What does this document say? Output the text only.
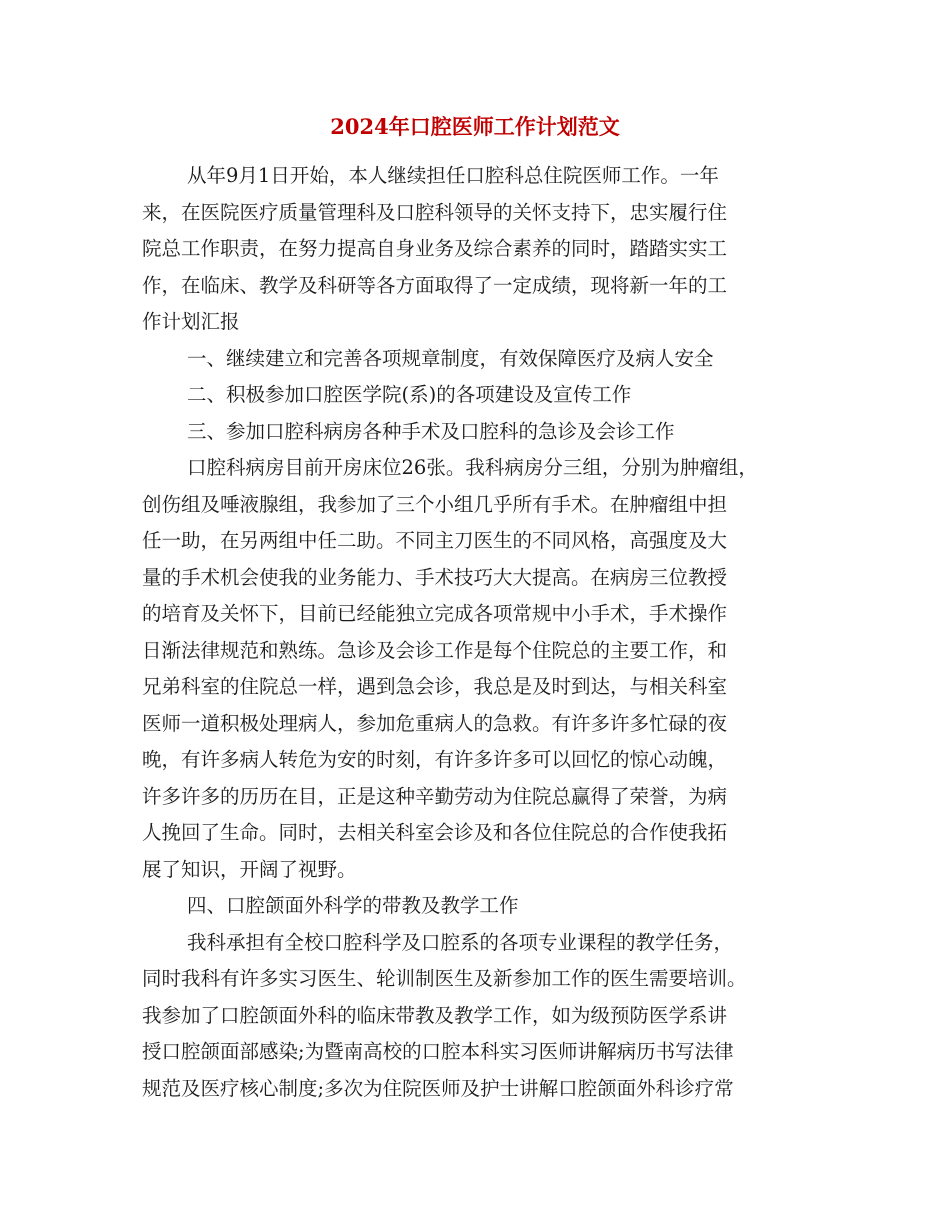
2024年口腔医师工作计划范文
从年9月1日开始，本人继续担任口腔科总住院医师工作。一年
来，在医院医疗质量管理科及口腔科领导的关怀支持下，忠实履行住
院总工作职责，在努力提高自身业务及综合素养的同时，踏踏实实工
作，在临床、教学及科研等各方面取得了一定成绩，现将新一年的工
作计划汇报
一、继续建立和完善各项规章制度，有效保障医疗及病人安全
二、积极参加口腔医学院(系)的各项建设及宣传工作
三、参加口腔科病房各种手术及口腔科的急诊及会诊工作
口腔科病房目前开房床位26张。我科病房分三组，分别为肿瘤组，
创伤组及唾液腺组，我参加了三个小组几乎所有手术。在肿瘤组中担
任一助，在另两组中任二助。不同主刀医生的不同风格，高强度及大
量的手术机会使我的业务能力、手术技巧大大提高。在病房三位教授
的培育及关怀下，目前已经能独立完成各项常规中小手术，手术操作
日渐法律规范和熟练。急诊及会诊工作是每个住院总的主要工作，和
兄弟科室的住院总一样，遇到急会诊，我总是及时到达，与相关科室
医师一道积极处理病人，参加危重病人的急救。有许多许多忙碌的夜
晚，有许多病人转危为安的时刻，有许多许多可以回忆的惊心动魄，
许多许多的历历在目，正是这种辛勤劳动为住院总赢得了荣誉，为病
人挽回了生命。同时，去相关科室会诊及和各位住院总的合作使我拓
展了知识，开阔了视野。
四、口腔颌面外科学的带教及教学工作
我科承担有全校口腔科学及口腔系的各项专业课程的教学任务，
同时我科有许多实习医生、轮训制医生及新参加工作的医生需要培训。
我参加了口腔颌面外科的临床带教及教学工作，如为级预防医学系讲
授口腔颌面部感染;为暨南高校的口腔本科实习医师讲解病历书写法律
规范及医疗核心制度;多次为住院医师及护士讲解口腔颌面外科诊疗常
